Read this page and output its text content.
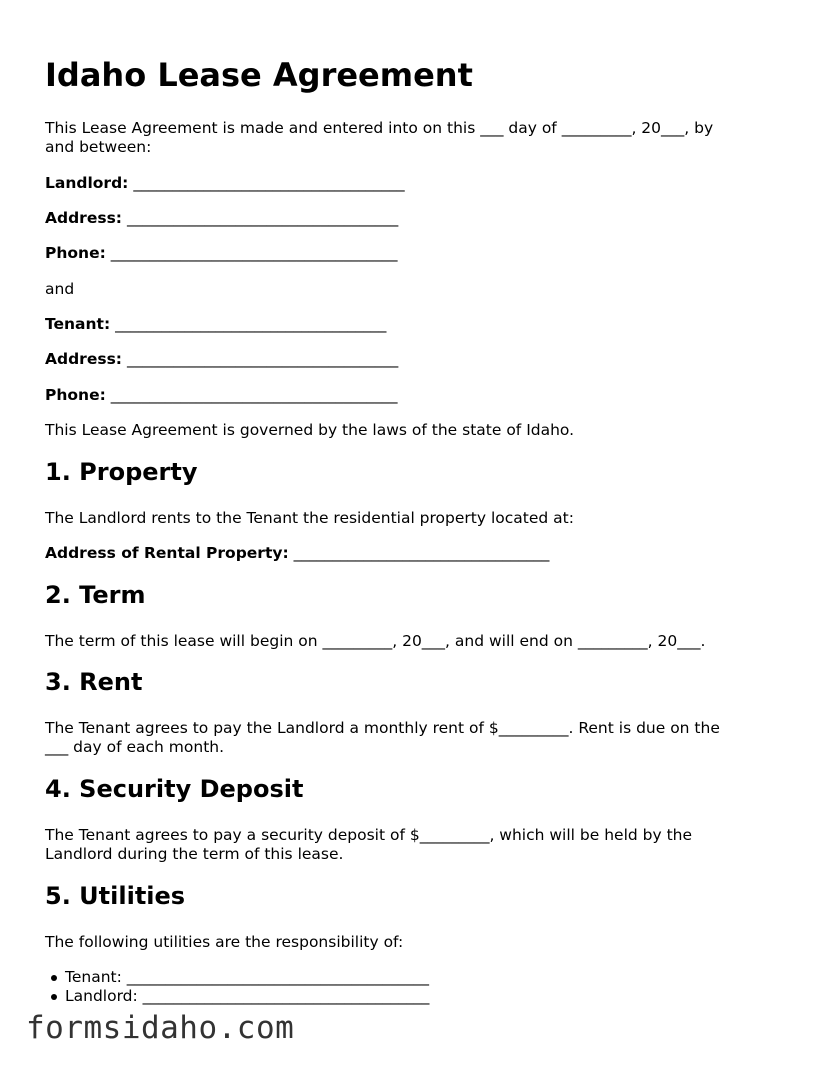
Idaho Lease Agreement

This Lease Agreement is made and entered into on this ___ day of _________, 20___, by

and between:

Landlord: ___________________________________

Address: ___________________________________

Phone: _____________________________________

and

Tenant: ___________________________________

Address: ___________________________________

Phone: _____________________________________

This Lease Agreement is governed by the laws of the state of Idaho.

1. Property

The Landlord rents to the Tenant the residential property located at:

Address of Rental Property: _________________________________

2. Term

The term of this lease will begin on _________, 20___, and will end on _________, 20___.

3. Rent

The Tenant agrees to pay the Landlord a monthly rent of $_________. Rent is due on the

___ day of each month.

4. Security Deposit

The Tenant agrees to pay a security deposit of $_________, which will be held by the

Landlord during the term of this lease.

5. Utilities

The following utilities are the responsibility of:

Tenant: _______________________________________

Landlord: _____________________________________

formsidaho.com
